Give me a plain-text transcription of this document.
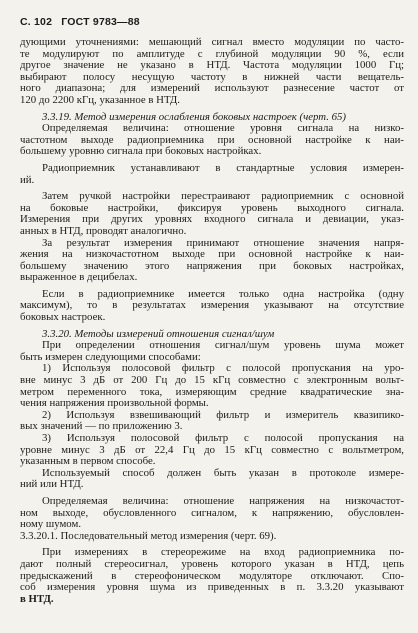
С. 102 ГОСТ 9783—88
дующими уточнениями: мешающий сигнал вместо модуляции по часто-
те модулируют по амплитуде с глубиной модуляции 90 %, если
другое значение не указано в НТД. Частота модуляции 1000 Гц;
выбирают полосу несущую частоту в нижней части вещатель-
ного диапазона; для измерений используют разнесение частот от
120 до 2200 кГц, указанное в НТД.
3.3.19. Метод измерения ослабления боковых настроек (черт. 65)
Определяемая величина: отношение уровня сигнала на низко-
частотном выходе радиоприемника при основной настройке к наи-
большему уровню сигнала при боковых настройках.
Радиоприемник устанавливают в стандартные условия измерен-
ий.
Затем ручкой настройки перестраивают радиоприемник с основной
на боковые настройки, фиксируя уровень выходного сигнала.
Измерения при других уровнях входного сигнала и девиации, указ-
анных в НТД, проводят аналогично.
За результат измерения принимают отношение значения напря-
жения на низкочастотном выходе при основной настройке к наи-
большему значению этого напряжения при боковых настройках,
выраженное в децибелах.
Если в радиоприемнике имеется только одна настройка (одну
максимум), то в результатах измерения указывают на отсутствие
боковых настроек.
3.3.20. Методы измерений отношения сигнал/шум
При определении отношения сигнал/шум уровень шума может
быть измерен следующими способами:
1) Используя полосовой фильтр с полосой пропускания на уро-
вне минус 3 дБ от 200 Гц до 15 кГц совместно с электронным вольт-
метром переменного тока, измеряющим средние квадратические зна-
чения напряжения произвольной формы.
2) Используя взвешивающий фильтр и измеритель квазипико-
вых значений — по приложению 3.
3) Используя полосовой фильтр с полосой пропускания на
уровне минус 3 дБ от 22,4 Гц до 15 кГц совместно с вольтметром,
указанным в первом способе.
Используемый способ должен быть указан в протоколе измере-
ний или НТД.
Определяемая величина: отношение напряжения на низкочастот-
ном выходе, обусловленного сигналом, к напряжению, обусловлен-
ному шумом.
3.3.20.1. Последовательный метод измерения (черт. 69).
При измерениях в стереорежиме на вход радиоприемника по-
дают полный стереосигнал, уровень которого указан в НТД, цепь
предыскажений в стереофоническом модуляторе отключают. Спо-
соб измерения уровня шума из приведенных в п. 3.3.20 указывают
в НТД.
